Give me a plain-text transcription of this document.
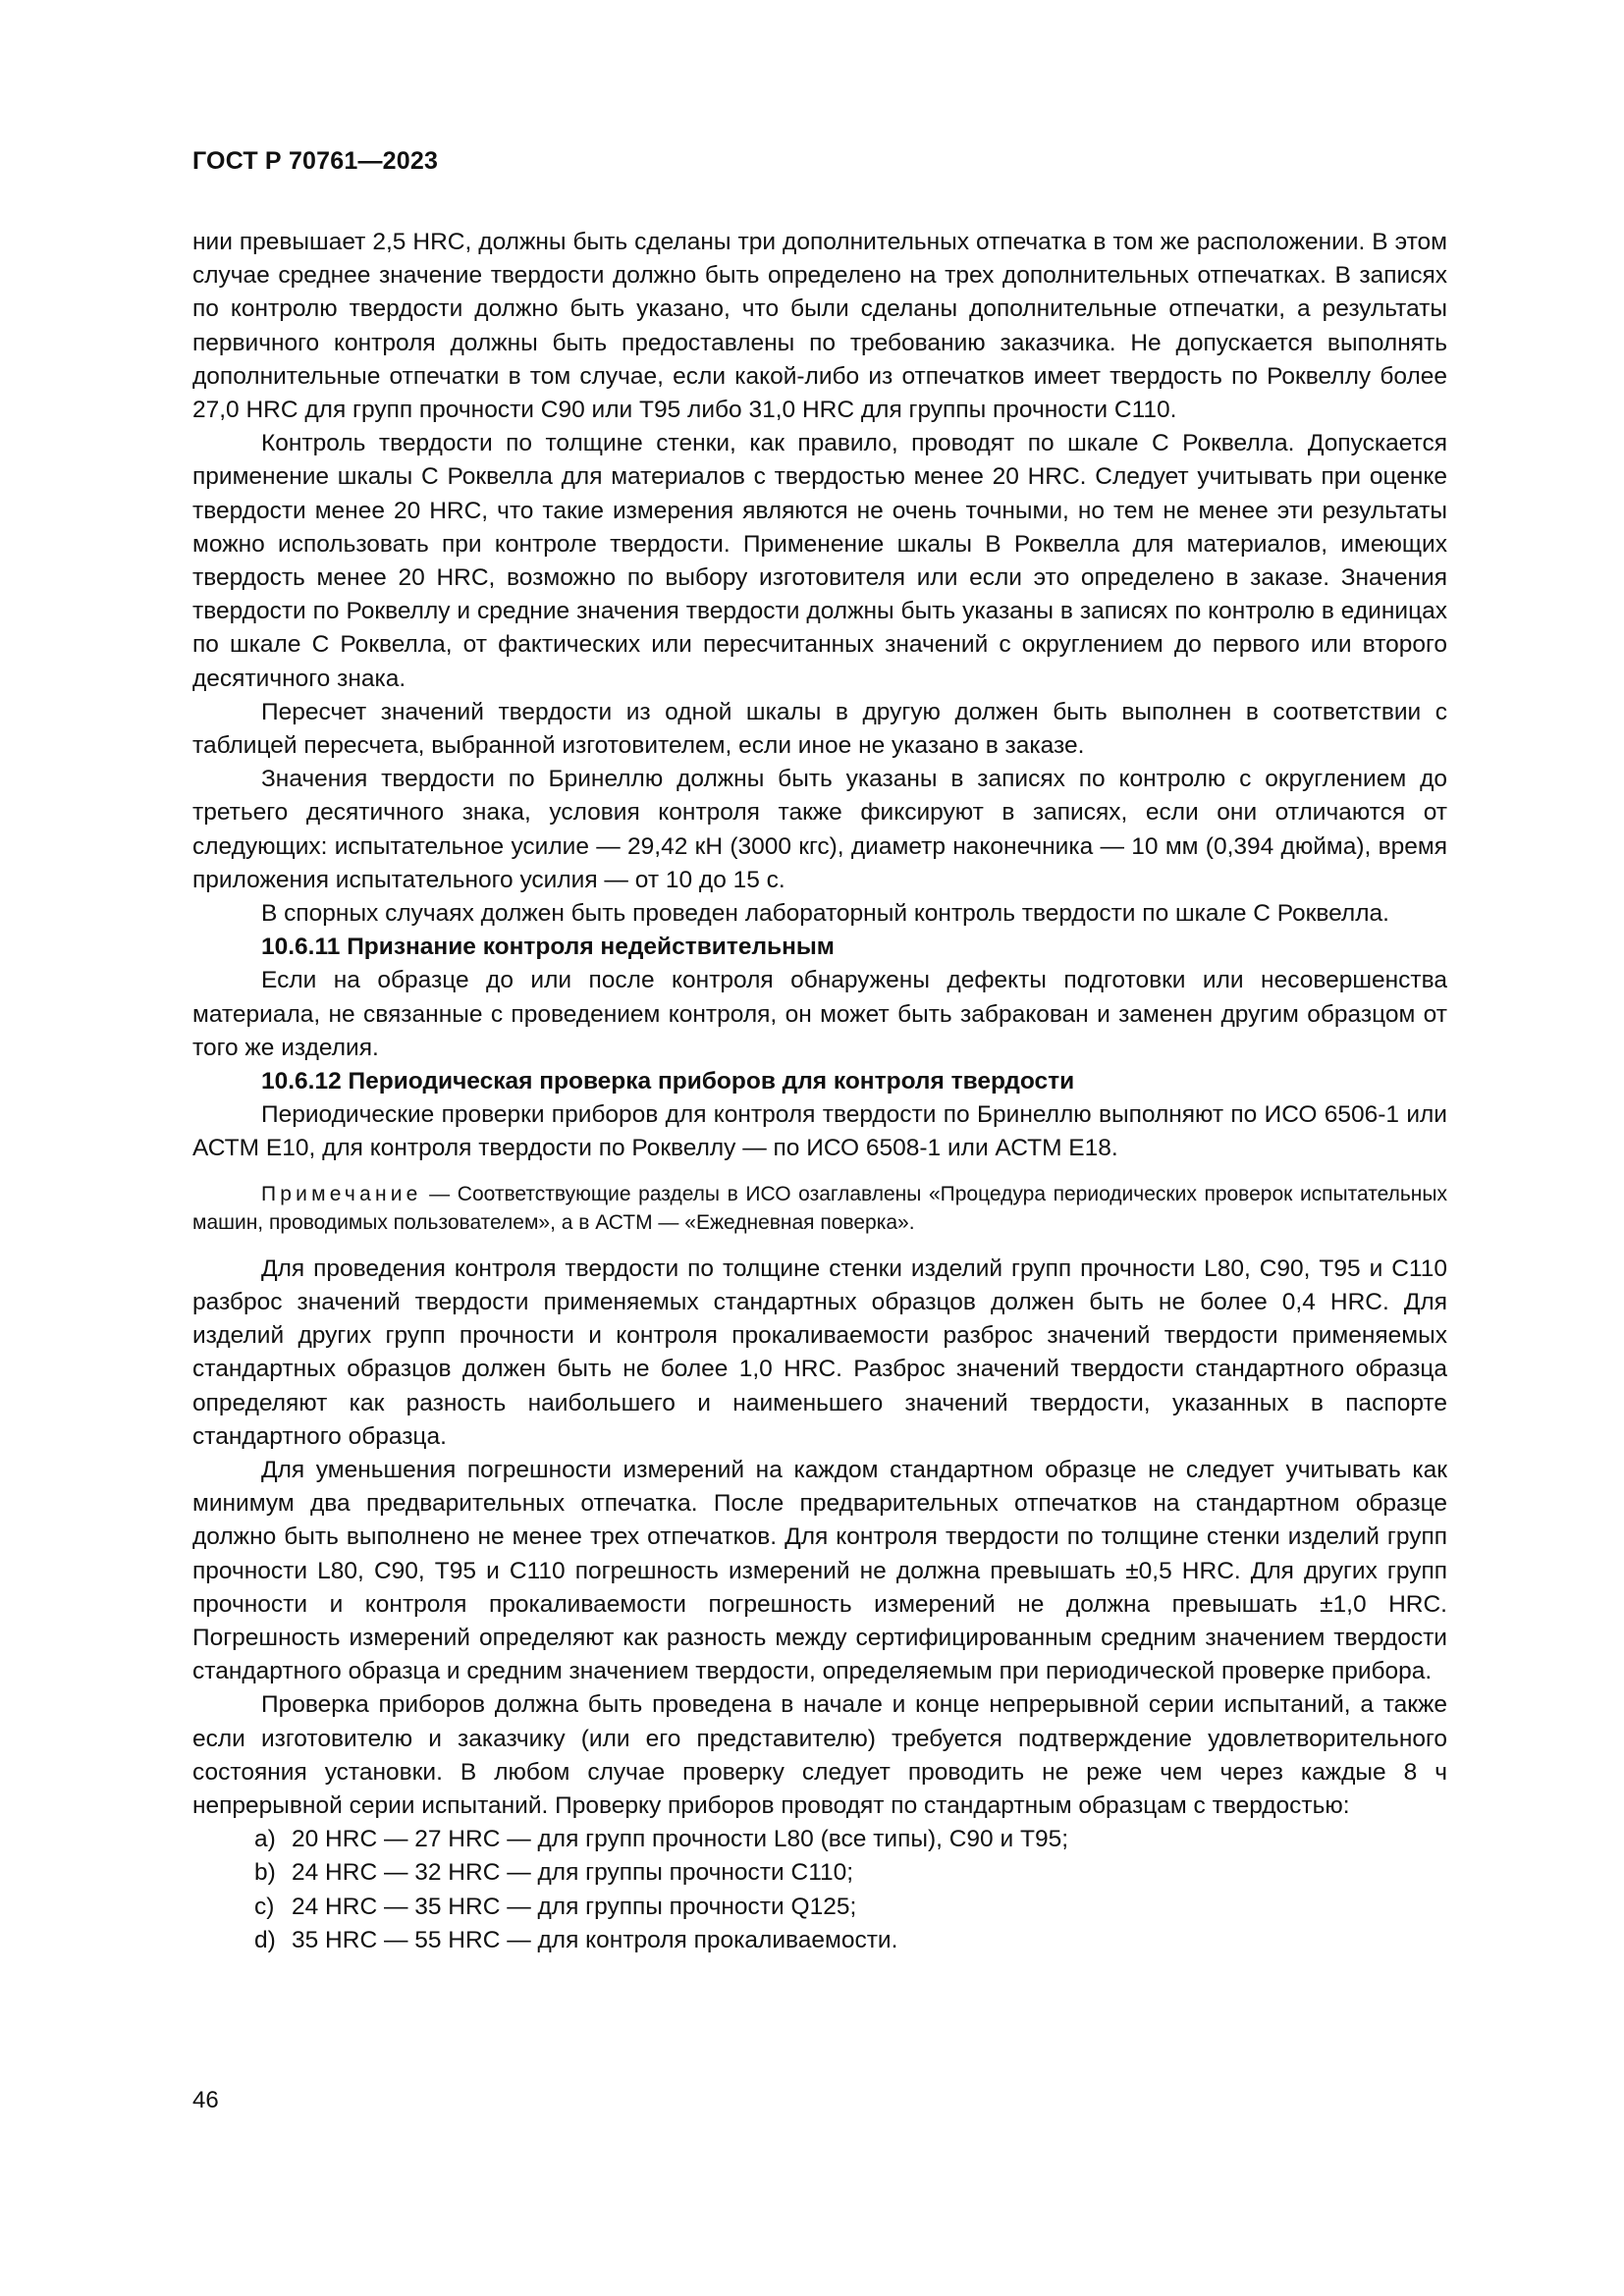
ГОСТ Р 70761—2023

нии превышает 2,5 HRC, должны быть сделаны три дополнительных отпечатка в том же расположении. В этом случае среднее значение твердости должно быть определено на трех дополнительных отпечатках. В записях по контролю твердости должно быть указано, что были сделаны дополнительные отпечатки, а результаты первичного контроля должны быть предоставлены по требованию заказчика. Не допускается выполнять дополнительные отпечатки в том случае, если какой-либо из отпечатков имеет твердость по Роквеллу более 27,0 HRC для групп прочности С90 или Т95 либо 31,0 HRC для группы прочности С110.

Контроль твердости по толщине стенки, как правило, проводят по шкале С Роквелла. Допускается применение шкалы С Роквелла для материалов с твердостью менее 20 HRC. Следует учитывать при оценке твердости менее 20 HRC, что такие измерения являются не очень точными, но тем не менее эти результаты можно использовать при контроле твердости. Применение шкалы В Роквелла для материалов, имеющих твердость менее 20 HRC, возможно по выбору изготовителя или если это определено в заказе. Значения твердости по Роквеллу и средние значения твердости должны быть указаны в записях по контролю в единицах по шкале С Роквелла, от фактических или пересчитанных значений с округлением до первого или второго десятичного знака.

Пересчет значений твердости из одной шкалы в другую должен быть выполнен в соответствии с таблицей пересчета, выбранной изготовителем, если иное не указано в заказе.

Значения твердости по Бринеллю должны быть указаны в записях по контролю с округлением до третьего десятичного знака, условия контроля также фиксируют в записях, если они отличаются от следующих: испытательное усилие — 29,42 кН (3000 кгс), диаметр наконечника — 10 мм (0,394 дюйма), время приложения испытательного усилия — от 10 до 15 с.

В спорных случаях должен быть проведен лабораторный контроль твердости по шкале С Роквелла.

10.6.11 Признание контроля недействительным

Если на образце до или после контроля обнаружены дефекты подготовки или несовершенства материала, не связанные с проведением контроля, он может быть забракован и заменен другим образцом от того же изделия.

10.6.12 Периодическая проверка приборов для контроля твердости

Периодические проверки приборов для контроля твердости по Бринеллю выполняют по ИСО 6506-1 или АСТМ Е10, для контроля твердости по Роквеллу — по ИСО 6508-1 или АСТМ Е18.

Примечание — Соответствующие разделы в ИСО озаглавлены «Процедура периодических проверок испытательных машин, проводимых пользователем», а в АСТМ — «Ежедневная поверка».

Для проведения контроля твердости по толщине стенки изделий групп прочности L80, С90, Т95 и С110 разброс значений твердости применяемых стандартных образцов должен быть не более 0,4 HRC. Для изделий других групп прочности и контроля прокаливаемости разброс значений твердости применяемых стандартных образцов должен быть не более 1,0 HRC. Разброс значений твердости стандартного образца определяют как разность наибольшего и наименьшего значений твердости, указанных в паспорте стандартного образца.

Для уменьшения погрешности измерений на каждом стандартном образце не следует учитывать как минимум два предварительных отпечатка. После предварительных отпечатков на стандартном образце должно быть выполнено не менее трех отпечатков. Для контроля твердости по толщине стенки изделий групп прочности L80, С90, Т95 и С110 погрешность измерений не должна превышать ±0,5 HRC. Для других групп прочности и контроля прокаливаемости погрешность измерений не должна превышать ±1,0 HRC. Погрешность измерений определяют как разность между сертифицированным средним значением твердости стандартного образца и средним значением твердости, определяемым при периодической проверке прибора.

Проверка приборов должна быть проведена в начале и конце непрерывной серии испытаний, а также если изготовителю и заказчику (или его представителю) требуется подтверждение удовлетворительного состояния установки. В любом случае проверку следует проводить не реже чем через каждые 8 ч непрерывной серии испытаний. Проверку приборов проводят по стандартным образцам с твердостью:

a) 20 HRC — 27 HRC — для групп прочности L80 (все типы), С90 и Т95;
b) 24 HRC — 32 HRC — для группы прочности С110;
c) 24 HRC — 35 HRC — для группы прочности Q125;
d) 35 HRC — 55 HRC — для контроля прокаливаемости.
46
